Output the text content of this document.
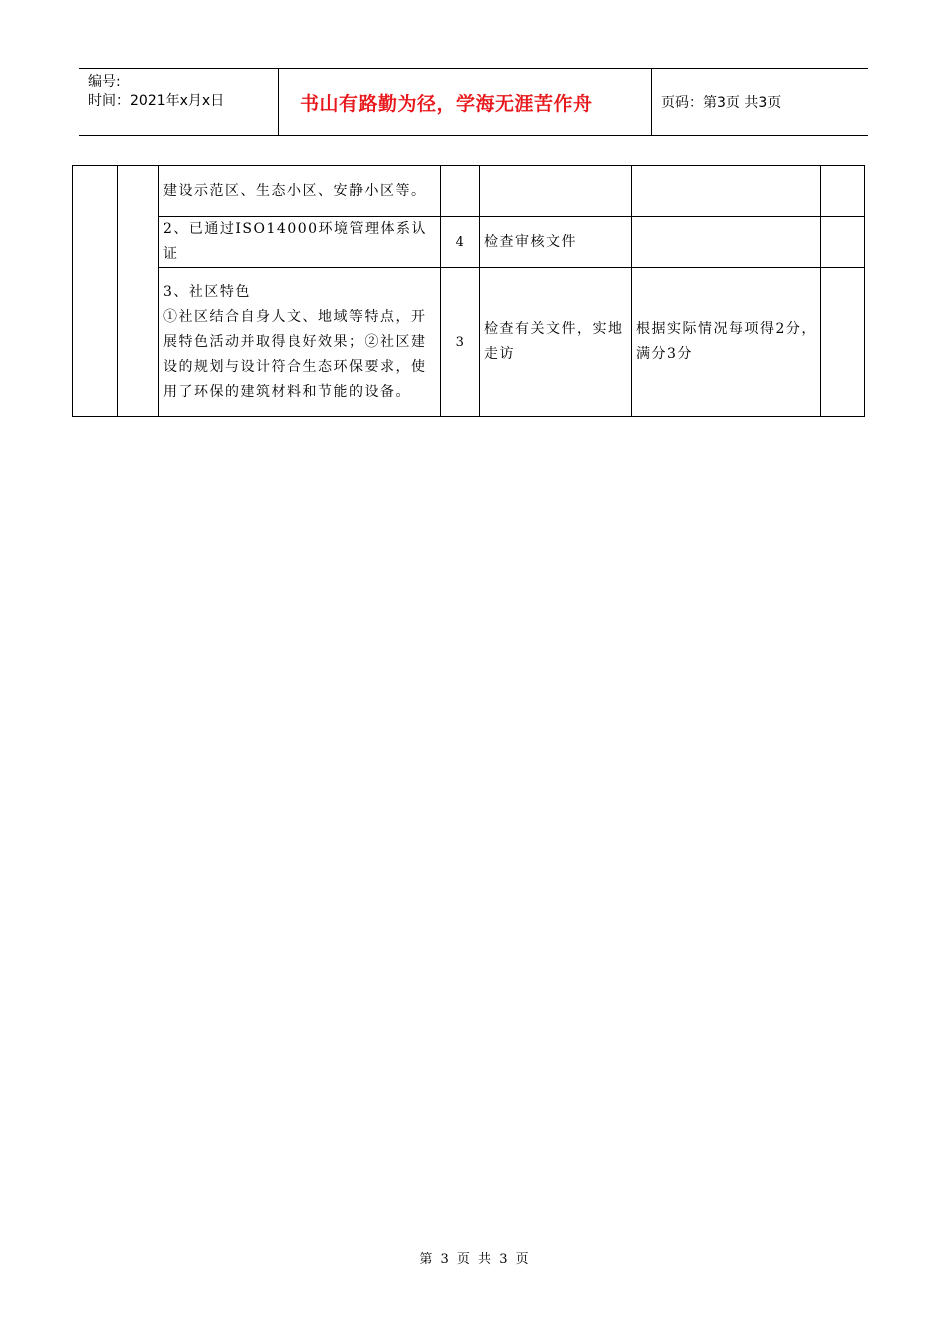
编号:
时间：2021年x月x日	书山有路勤为径，学海无涯苦作舟	页码：第3页 共3页
		建设示范区、生态小区、安静小区等。				
		2、已通过ISO14000环境管理体系认证	4	检查审核文件		
		3、社区特色
①社区结合自身人文、地域等特点，开展特色活动并取得良好效果；②社区建设的规划与设计符合生态环保要求，使用了环保的建筑材料和节能的设备。	3	检查有关文件，实地走访	根据实际情况每项得2分，满分3分	
第 3 页 共 3 页
